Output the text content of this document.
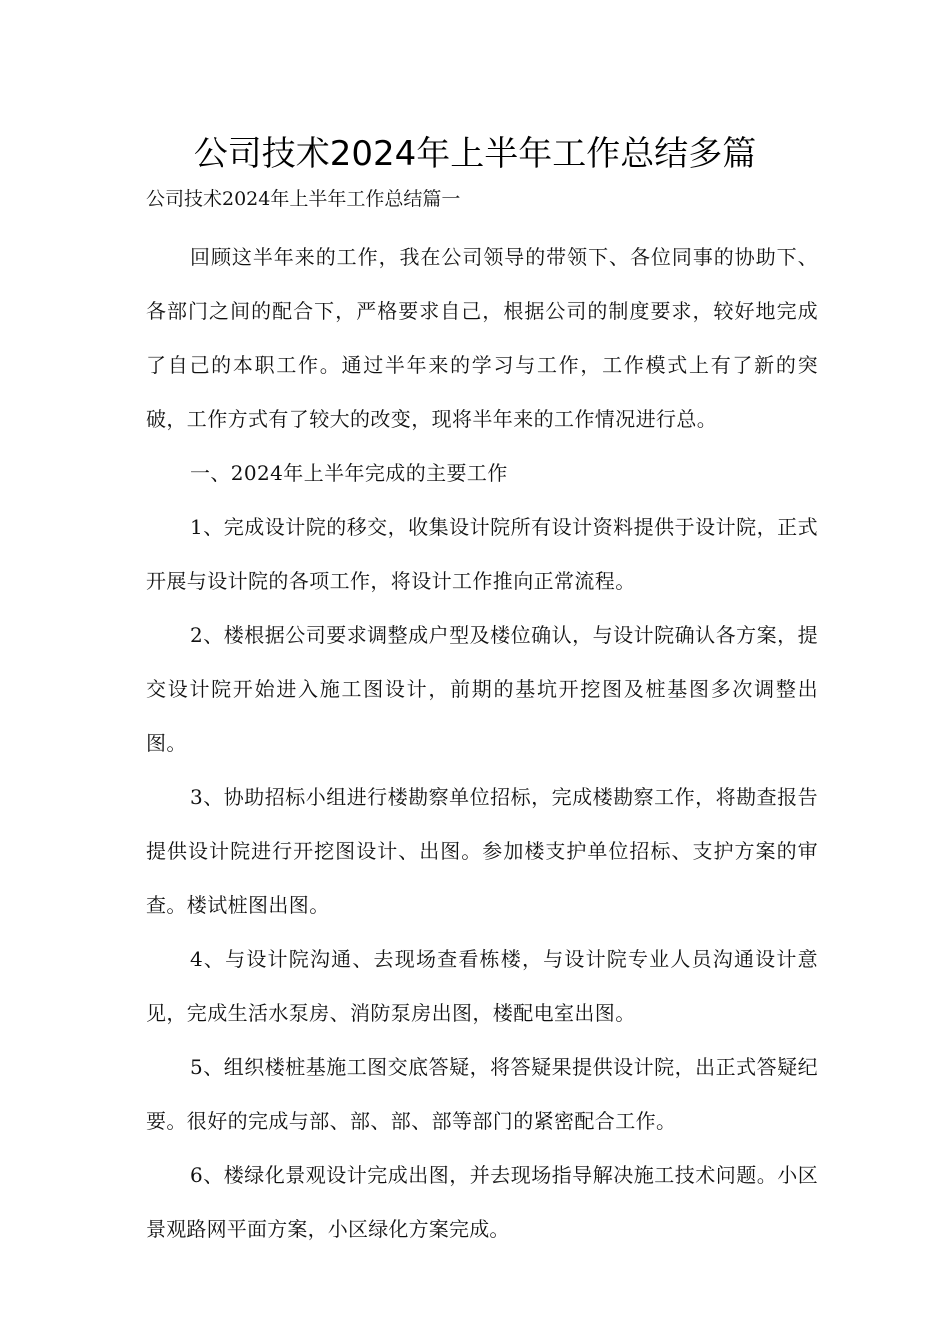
公司技术2024年上半年工作总结多篇

公司技术2024年上半年工作总结篇一

回顾这半年来的工作，我在公司领导的带领下、各位同事的协助下、各部门之间的配合下，严格要求自己，根据公司的制度要求，较好地完成了自己的本职工作。通过半年来的学习与工作，工作模式上有了新的突破，工作方式有了较大的改变，现将半年来的工作情况进行总。

一、2024年上半年完成的主要工作

1、完成设计院的移交，收集设计院所有设计资料提供于设计院，正式开展与设计院的各项工作，将设计工作推向正常流程。

2、楼根据公司要求调整成户型及楼位确认，与设计院确认各方案，提交设计院开始进入施工图设计，前期的基坑开挖图及桩基图多次调整出图。

3、协助招标小组进行楼勘察单位招标，完成楼勘察工作，将勘查报告提供设计院进行开挖图设计、出图。参加楼支护单位招标、支护方案的审查。楼试桩图出图。

4、与设计院沟通、去现场查看栋楼，与设计院专业人员沟通设计意见，完成生活水泵房、消防泵房出图，楼配电室出图。

5、组织楼桩基施工图交底答疑，将答疑果提供设计院，出正式答疑纪要。很好的完成与部、部、部、部等部门的紧密配合工作。

6、楼绿化景观设计完成出图，并去现场指导解决施工技术问题。小区景观路网平面方案，小区绿化方案完成。
